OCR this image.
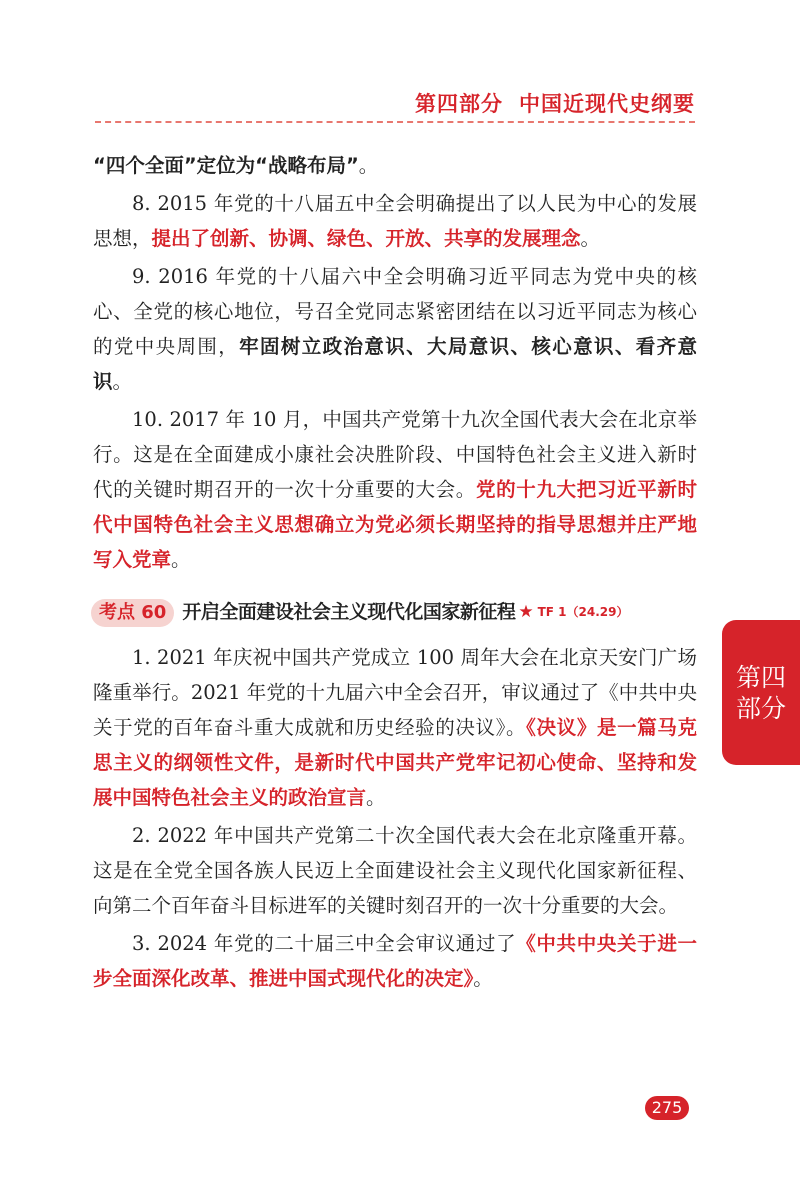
第四部分 中国近现代史纲要

“四个全面”定位为“战略布局”。

8. 2015 年党的十八届五中全会明确提出了以人民为中心的发展思想，提出了创新、协调、绿色、开放、共享的发展理念。

9. 2016 年党的十八届六中全会明确习近平同志为党中央的核心、全党的核心地位，号召全党同志紧密团结在以习近平同志为核心的党中央周围，牢固树立政治意识、大局意识、核心意识、看齐意识。

10. 2017 年 10 月，中国共产党第十九次全国代表大会在北京举行。这是在全面建成小康社会决胜阶段、中国特色社会主义进入新时代的关键时期召开的一次十分重要的大会。党的十九大把习近平新时代中国特色社会主义思想确立为党必须长期坚持的指导思想并庄严地写入党章。

考点 60 开启全面建设社会主义现代化国家新征程 ★ TF 1（24.29）

1. 2021 年庆祝中国共产党成立 100 周年大会在北京天安门广场隆重举行。2021 年党的十九届六中全会召开，审议通过了《中共中央关于党的百年奋斗重大成就和历史经验的决议》。《决议》是一篇马克思主义的纲领性文件，是新时代中国共产党牢记初心使命、坚持和发展中国特色社会主义的政治宣言。

2. 2022 年中国共产党第二十次全国代表大会在北京隆重开幕。这是在全党全国各族人民迈上全面建设社会主义现代化国家新征程、向第二个百年奋斗目标进军的关键时刻召开的一次十分重要的大会。

3. 2024 年党的二十届三中全会审议通过了《中共中央关于进一步全面深化改革、推进中国式现代化的决定》。

第四
部分
275
